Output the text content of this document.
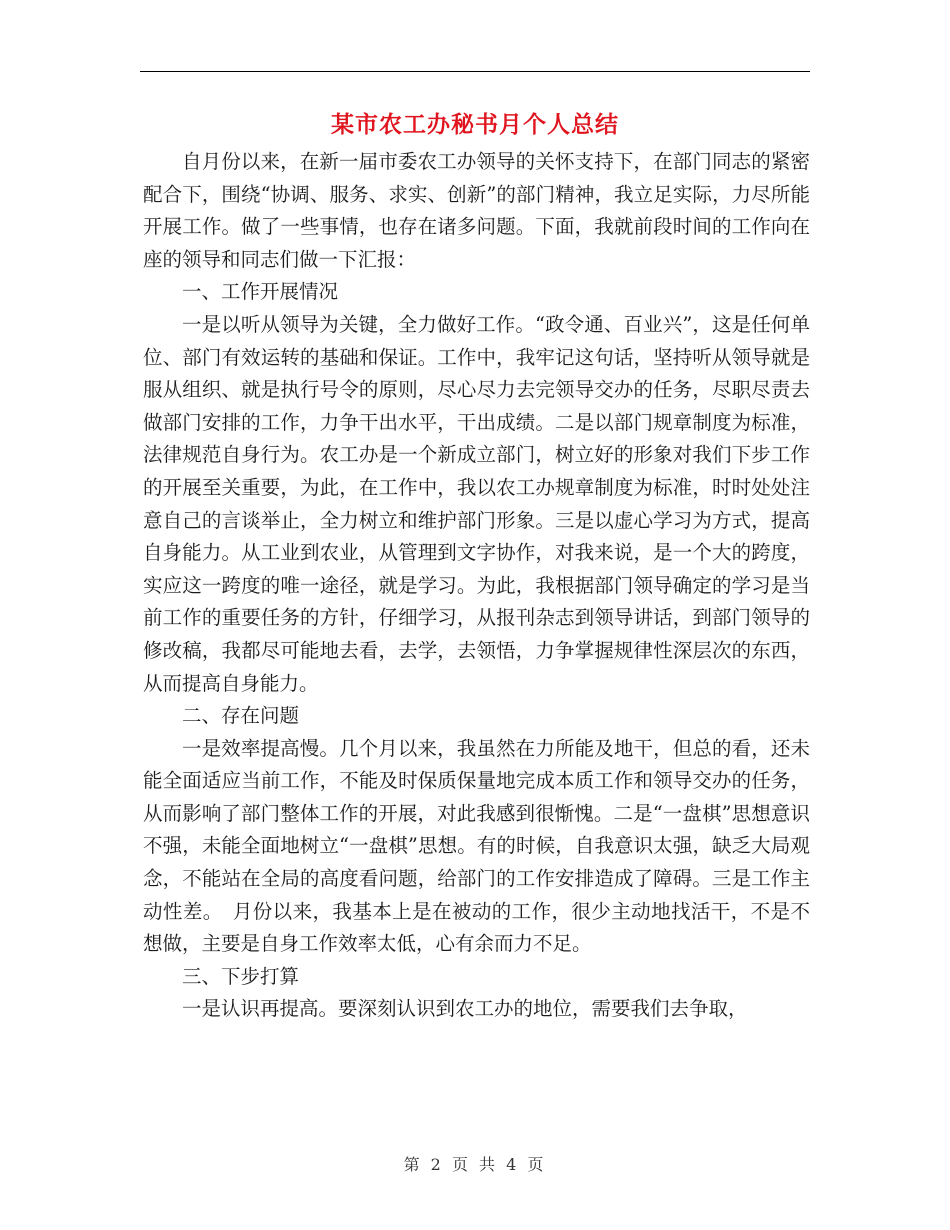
某市农工办秘书月个人总结

自月份以来，在新一届市委农工办领导的关怀支持下，在部门同志的紧密配合下，围绕“协调、服务、求实、创新”的部门精神，我立足实际，力尽所能开展工作。做了一些事情，也存在诸多问题。下面，我就前段时间的工作向在座的领导和同志们做一下汇报：

一、工作开展情况

一是以听从领导为关键，全力做好工作。“政令通、百业兴”，这是任何单位、部门有效运转的基础和保证。工作中，我牢记这句话，坚持听从领导就是服从组织、就是执行号令的原则，尽心尽力去完领导交办的任务，尽职尽责去做部门安排的工作，力争干出水平，干出成绩。二是以部门规章制度为标准，法律规范自身行为。农工办是一个新成立部门，树立好的形象对我们下步工作的开展至关重要，为此，在工作中，我以农工办规章制度为标准，时时处处注意自己的言谈举止，全力树立和维护部门形象。三是以虚心学习为方式，提高自身能力。从工业到农业，从管理到文字协作，对我来说，是一个大的跨度，实应这一跨度的唯一途径，就是学习。为此，我根据部门领导确定的学习是当前工作的重要任务的方针，仔细学习，从报刊杂志到领导讲话，到部门领导的修改稿，我都尽可能地去看，去学，去领悟，力争掌握规律性深层次的东西，从而提高自身能力。

二、存在问题

一是效率提高慢。几个月以来，我虽然在力所能及地干，但总的看，还未能全面适应当前工作，不能及时保质保量地完成本质工作和领导交办的任务，从而影响了部门整体工作的开展，对此我感到很惭愧。二是“一盘棋”思想意识不强，未能全面地树立“一盘棋”思想。有的时候，自我意识太强，缺乏大局观念，不能站在全局的高度看问题，给部门的工作安排造成了障碍。三是工作主动性差。　月份以来，我基本上是在被动的工作，很少主动地找活干，不是不想做，主要是自身工作效率太低，心有余而力不足。

三、下步打算

一是认识再提高。要深刻认识到农工办的地位，需要我们去争取，

第 2 页 共 4 页
